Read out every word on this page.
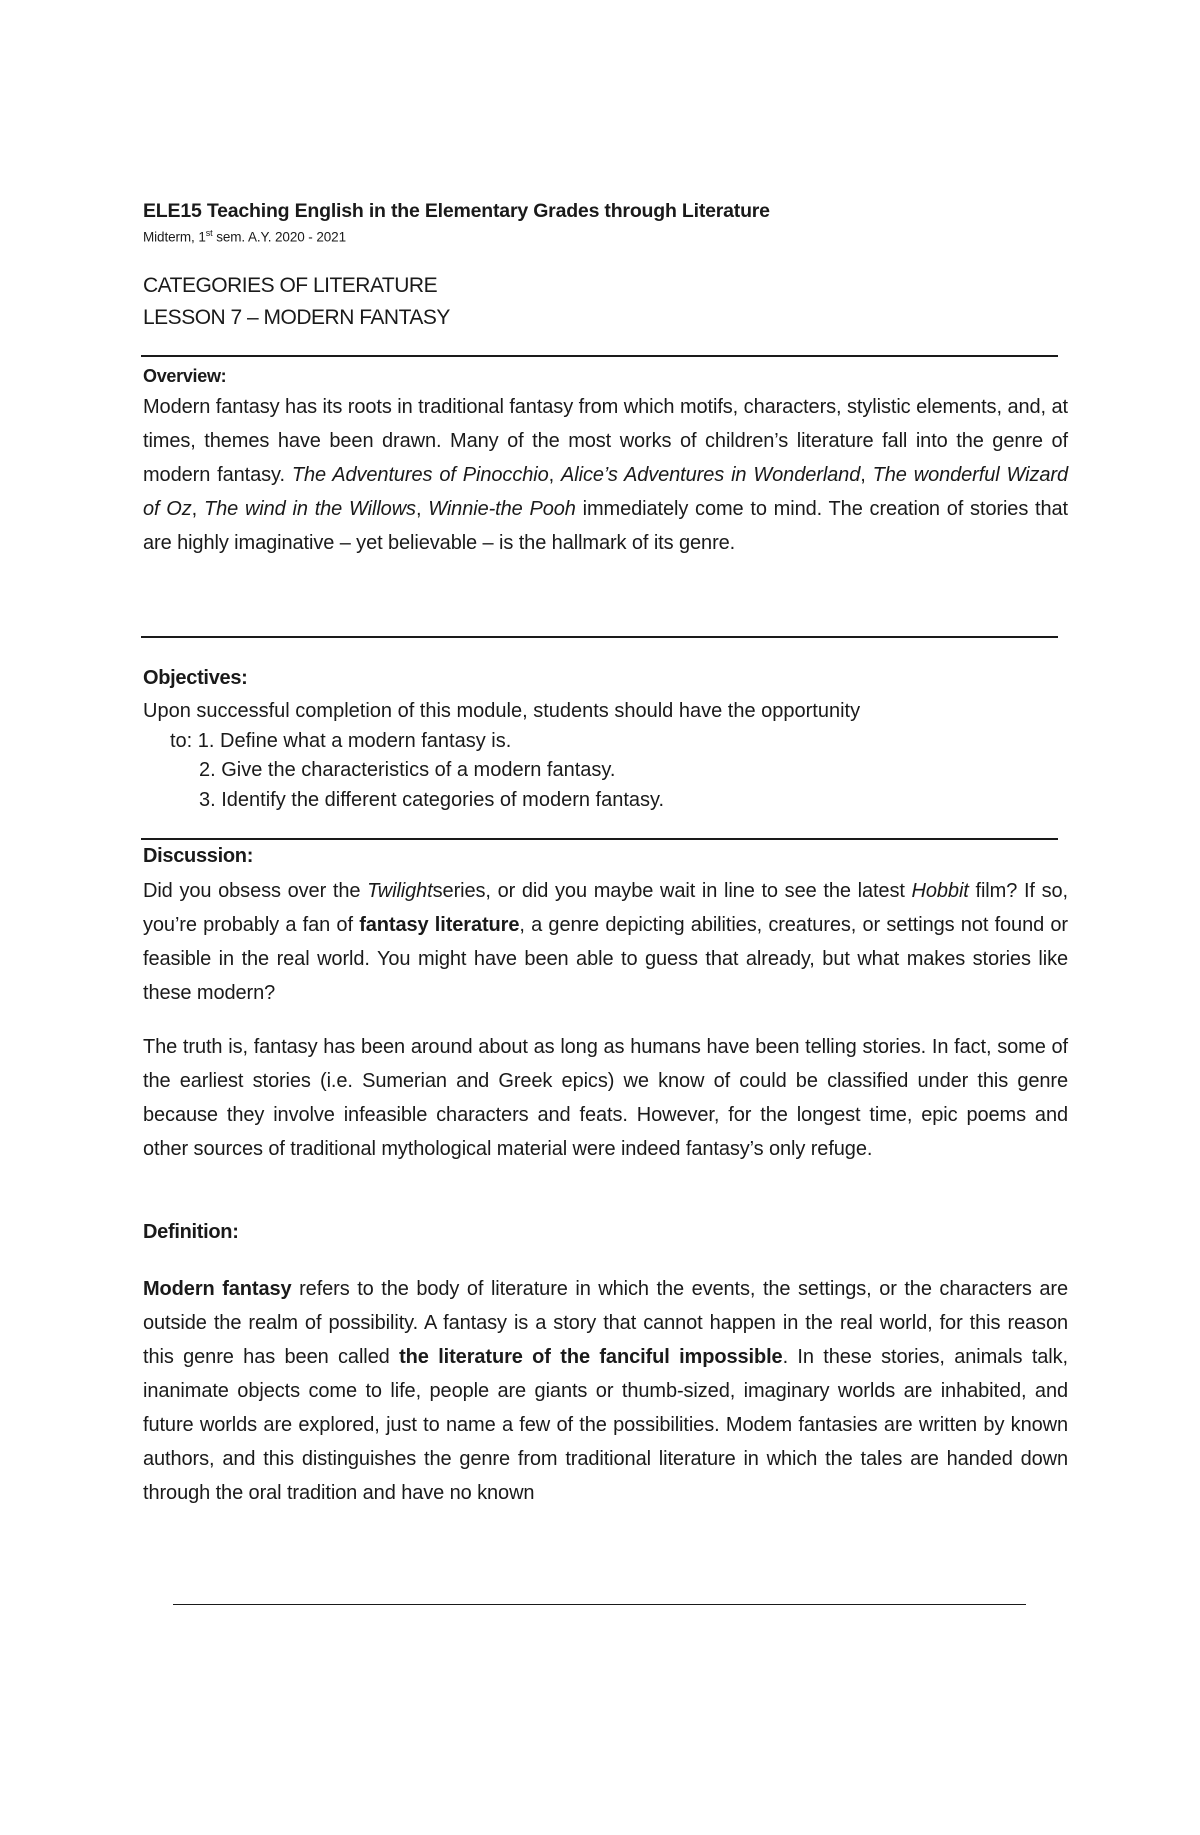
ELE15 Teaching English in the Elementary Grades through Literature
Midterm, 1st sem. A.Y. 2020 - 2021
CATEGORIES OF LITERATURE
LESSON 7 – MODERN FANTASY
Overview:
Modern fantasy has its roots in traditional fantasy from which motifs, characters, stylistic elements, and, at times, themes have been drawn. Many of the most works of children’s literature fall into the genre of modern fantasy. The Adventures of Pinocchio, Alice’s Adventures in Wonderland, The wonderful Wizard of Oz, The wind in the Willows, Winnie-the Pooh immediately come to mind. The creation of stories that are highly imaginative – yet believable – is the hallmark of its genre.
Objectives:
Upon successful completion of this module, students should have the opportunity
to: 1. Define what a modern fantasy is.
2. Give the characteristics of a modern fantasy.
3. Identify the different categories of modern fantasy.
Discussion:
Did you obsess over the Twilightseries, or did you maybe wait in line to see the latest Hobbit film? If so, you’re probably a fan of fantasy literature, a genre depicting abilities, creatures, or settings not found or feasible in the real world. You might have been able to guess that already, but what makes stories like these modern?
The truth is, fantasy has been around about as long as humans have been telling stories. In fact, some of the earliest stories (i.e. Sumerian and Greek epics) we know of could be classified under this genre because they involve infeasible characters and feats. However, for the longest time, epic poems and other sources of traditional mythological material were indeed fantasy’s only refuge.
Definition:
Modern fantasy refers to the body of literature in which the events, the settings, or the characters are outside the realm of possibility. A fantasy is a story that cannot happen in the real world, for this reason this genre has been called the literature of the fanciful impossible. In these stories, animals talk, inanimate objects come to life, people are giants or thumb-sized, imaginary worlds are inhabited, and future worlds are explored, just to name a few of the possibilities. Modem fantasies are written by known authors, and this distinguishes the genre from traditional literature in which the tales are handed down through the oral tradition and have no known
